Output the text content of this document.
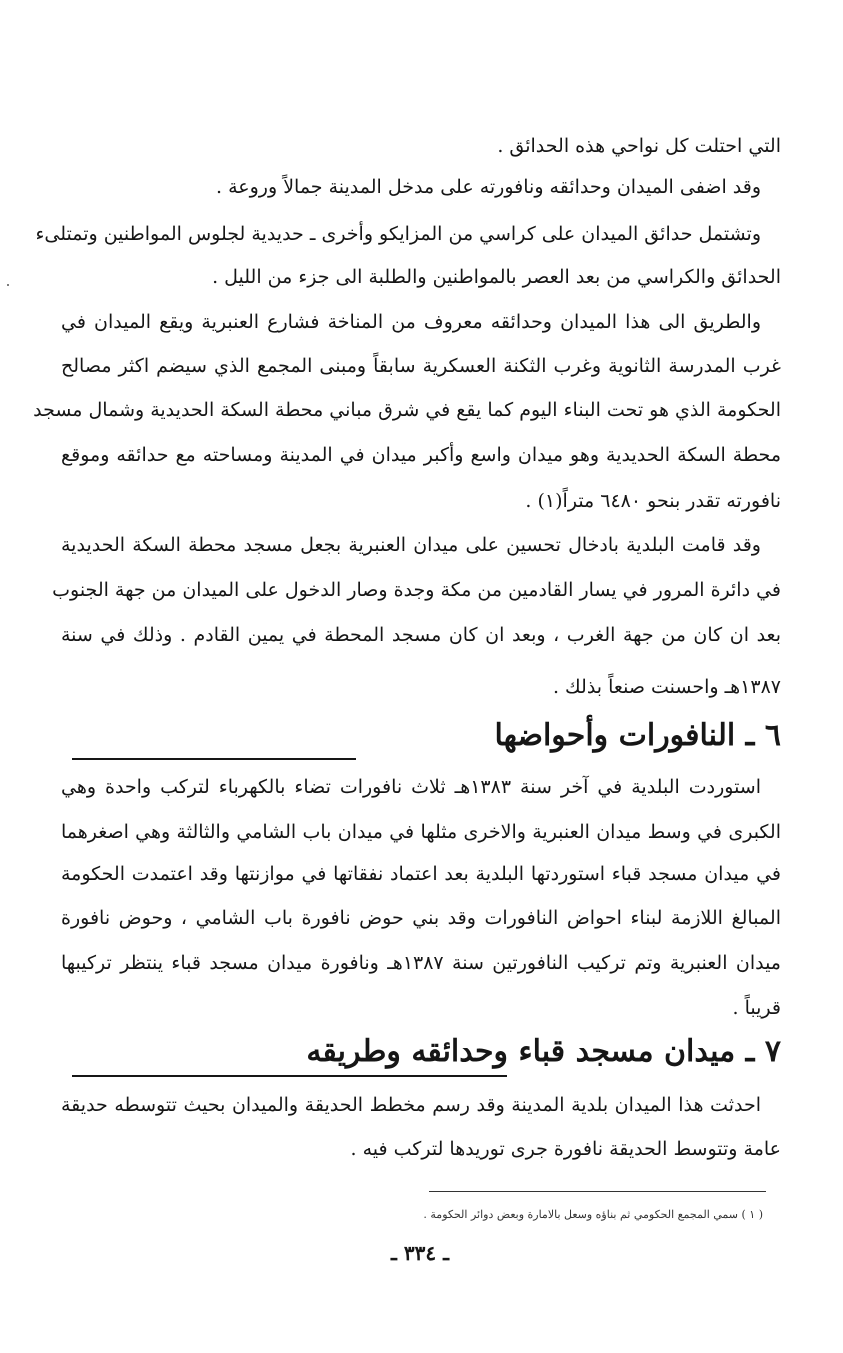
التي احتلت كل نواحي هذه الحدائق .
وقد اضفى الميدان وحدائقه ونافورته على مدخل المدينة جمالاً وروعة .
وتشتمل حدائق الميدان على كراسي من المزايكو وأخرى ـ حديدية لجلوس المواطنين وتمتلىء
الحدائق والكراسي من بعد العصر بالمواطنين والطلبة الى جزء من الليل .
والطريق الى هذا الميدان وحدائقه معروف من المناخة فشارع العنبرية ويقع الميدان في
غرب المدرسة الثانوية وغرب الثكنة العسكرية سابقاً ومبنى المجمع الذي سيضم اكثر مصالح
الحكومة الذي هو تحت البناء اليوم كما يقع في شرق مباني محطة السكة الحديدية وشمال مسجد
محطة السكة الحديدية وهو ميدان واسع وأكبر ميدان في المدينة ومساحته مع حدائقه وموقع
نافورته تقدر بنحو ٦٤٨٠ متراً(١) .
وقد قامت البلدية بادخال تحسين على ميدان العنبرية بجعل مسجد محطة السكة الحديدية
في دائرة المرور في يسار القادمين من مكة وجدة وصار الدخول على الميدان من جهة الجنوب
بعد ان كان من جهة الغرب ، وبعد ان كان مسجد المحطة في يمين القادم . وذلك في سنة
١٣٨٧هـ واحسنت صنعاً بذلك .
٦ ـ النافورات وأحواضها
استوردت البلدية في آخر سنة ١٣٨٣هـ ثلاث نافورات تضاء بالكهرباء لتركب واحدة وهي
الكبرى في وسط ميدان العنبرية والاخرى مثلها في ميدان باب الشامي والثالثة وهي اصغرهما
في ميدان مسجد قباء استوردتها البلدية بعد اعتماد نفقاتها في موازنتها وقد اعتمدت الحكومة
المبالغ اللازمة لبناء احواض النافورات وقد بني حوض نافورة باب الشامي ، وحوض نافورة
ميدان العنبرية وتم تركيب النافورتين سنة ١٣٨٧هـ ونافورة ميدان مسجد قباء ينتظر تركيبها
قريباً .
٧ ـ ميدان مسجد قباء وحدائقه وطريقه
احدثت هذا الميدان بلدية المدينة وقد رسم مخطط الحديقة والميدان بحيث تتوسطه حديقة
عامة وتتوسط الحديقة نافورة جرى توريدها لتركب فيه .
( ١ ) سمي المجمع الحكومي ثم بناؤه وسعل بالامارة وبعض دوائر الحكومة .
ـ ٣٣٤ ـ
